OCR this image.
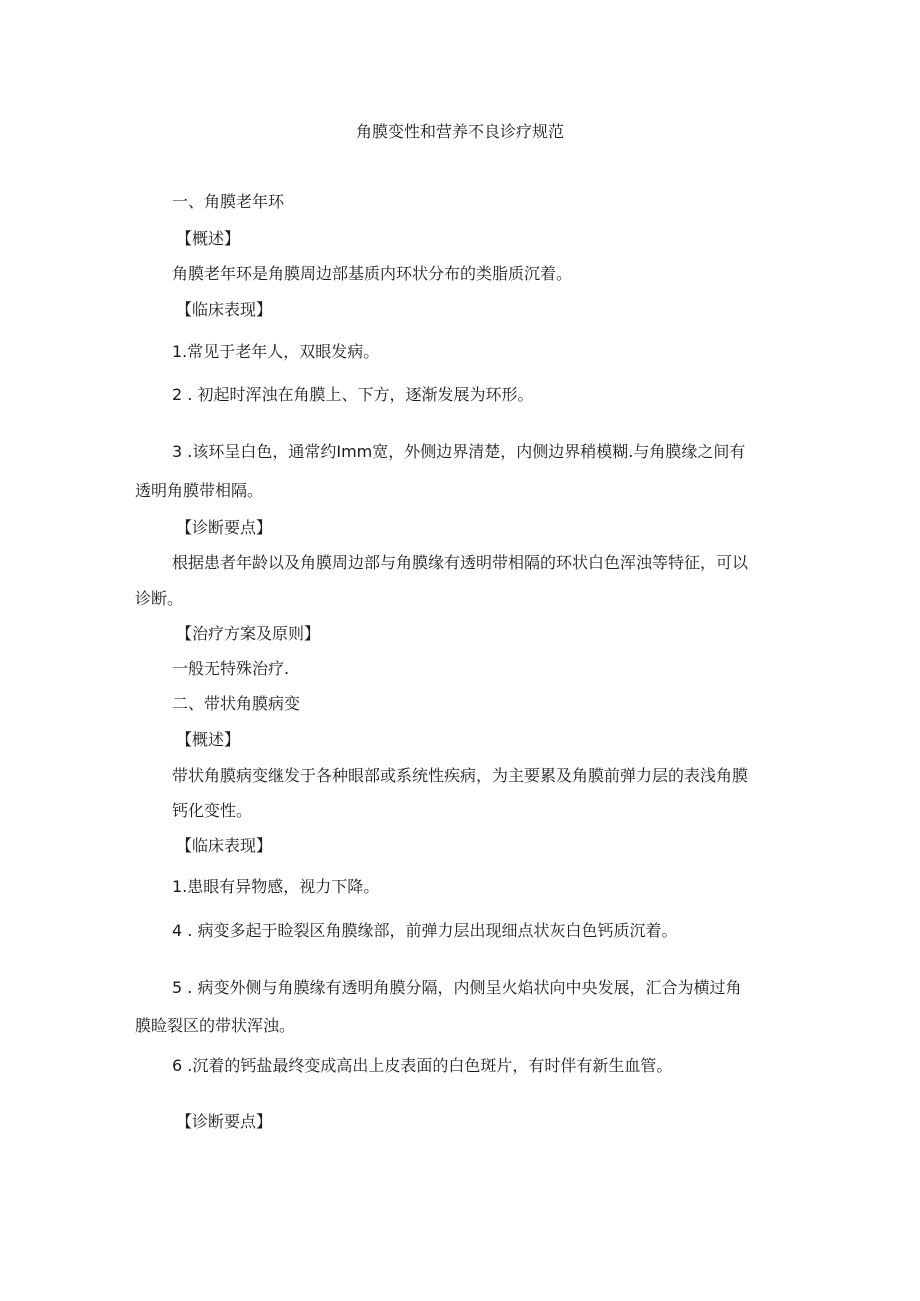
角膜变性和营养不良诊疗规范
一、角膜老年环
【概述】
角膜老年环是角膜周边部基质内环状分布的类脂质沉着。
【临床表现】
1.常见于老年人，双眼发病。
2 . 初起时浑浊在角膜上、下方，逐渐发展为环形。
3 .该环呈白色，通常约Imm宽，外侧边界清楚，内侧边界稍模糊.与角膜缘之间有
透明角膜带相隔。
【诊断要点】
根据患者年龄以及角膜周边部与角膜缘有透明带相隔的环状白色浑浊等特征，可以
诊断。
【治疗方案及原则】
一般无特殊治疗.
二、带状角膜病变
【概述】
带状角膜病变继发于各种眼部或系统性疾病，为主要累及角膜前弹力层的表浅角膜
钙化变性。
【临床表现】
1.患眼有异物感，视力下降。
4 . 病变多起于睑裂区角膜缘部，前弹力层出现细点状灰白色钙质沉着。
5 . 病变外侧与角膜缘有透明角膜分隔，内侧呈火焰状向中央发展，汇合为横过角
膜睑裂区的带状浑浊。
6 .沉着的钙盐最终变成高出上皮表面的白色斑片，有时伴有新生血管。
【诊断要点】
